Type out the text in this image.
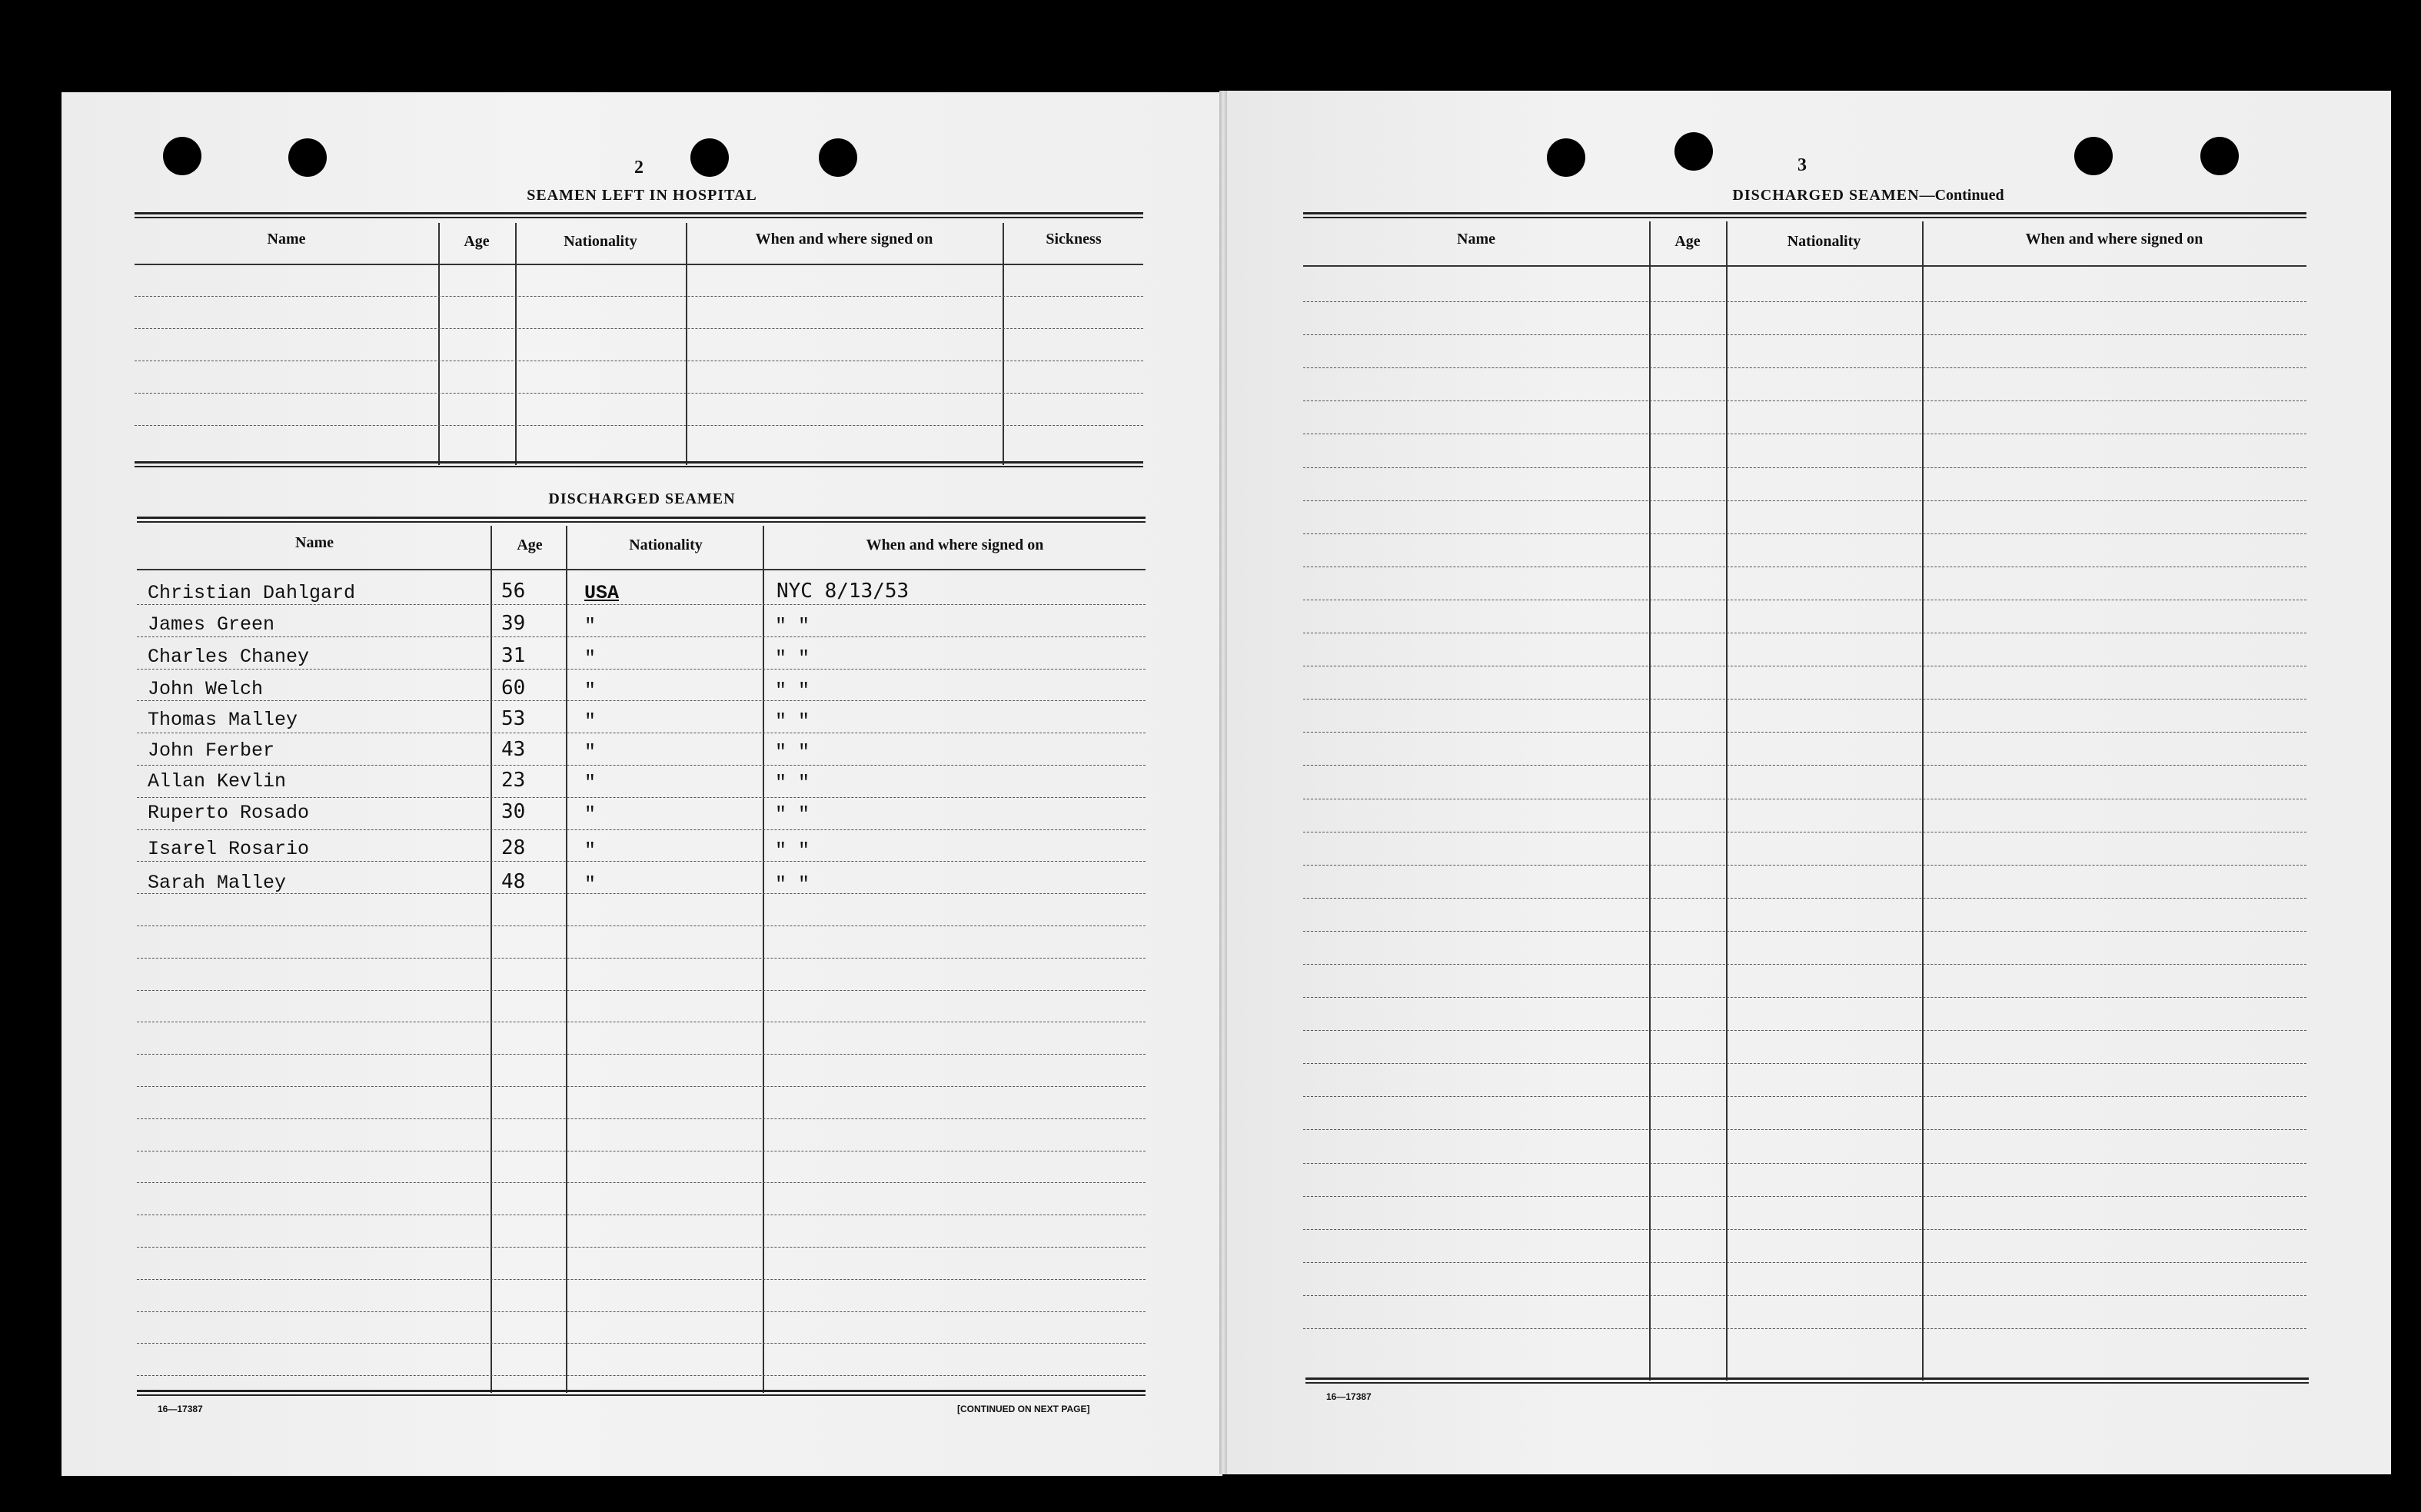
2
SEAMEN LEFT IN HOSPITAL
Name	Age	Nationality	When and where signed on	Sickness
DISCHARGED SEAMEN
Name	Age	Nationality	When and where signed on
Christian Dahlgard	56	USA	NYC 8/13/53
James Green	39	"	" "
Charles Chaney	31	"	" "
John Welch	60	"	" "
Thomas Malley	53	"	" "
John Ferber	43	"	" "
Allan Kevlin	23	"	" "
Ruperto Rosado	30	"	" "
Isarel Rosario	28	"	" "
Sarah Malley	48	"	" "
16—17387	[CONTINUED ON NEXT PAGE]
3
DISCHARGED SEAMEN—Continued
Name	Age	Nationality	When and where signed on
16—17387
